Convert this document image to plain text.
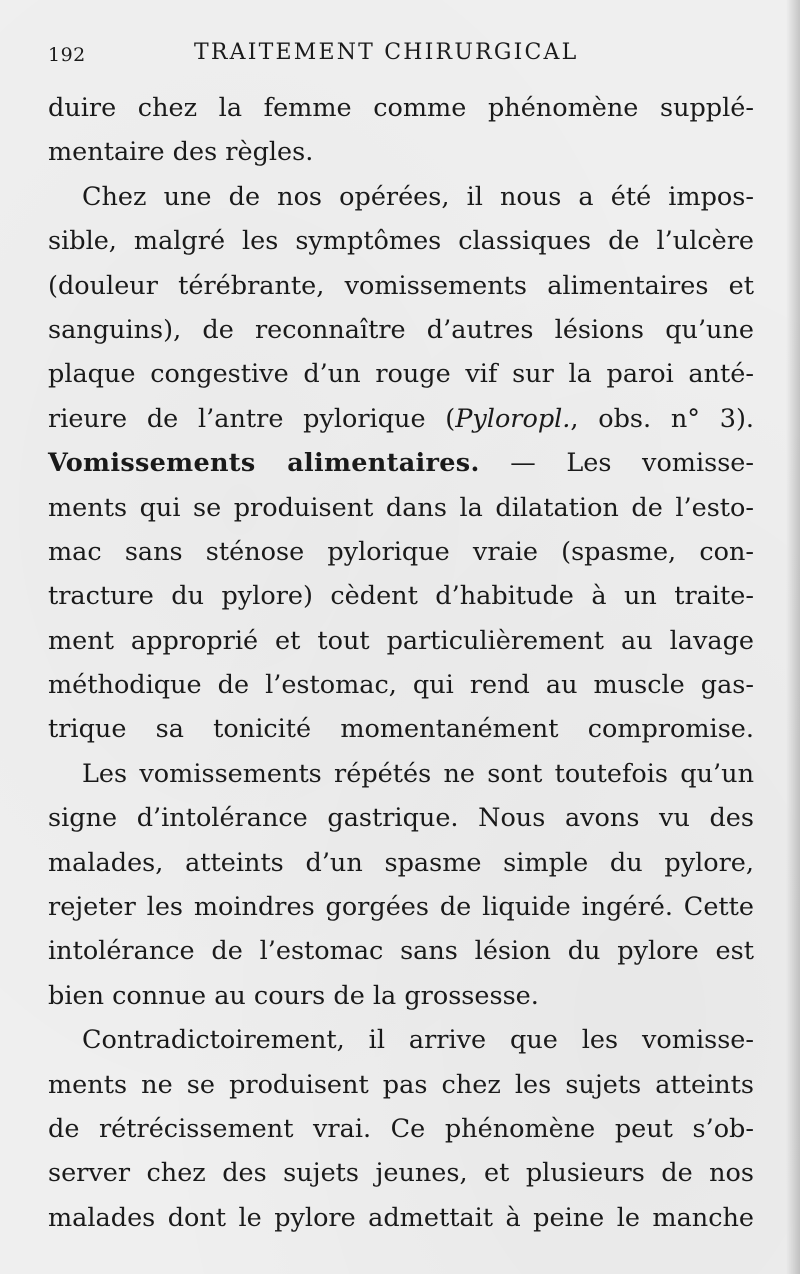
192	TRAITEMENT CHIRURGICAL
duire chez la femme comme phénomène supplé-
mentaire des règles.
Chez une de nos opérées, il nous a été impos-
sible, malgré les symptômes classiques de l’ulcère
(douleur térébrante, vomissements alimentaires et
sanguins), de reconnaître d’autres lésions qu’une
plaque congestive d’un rouge vif sur la paroi anté-
rieure de l’antre pylorique (Pyloropl., obs. n° 3).
Vomissements alimentaires. — Les vomisse-
ments qui se produisent dans la dilatation de l’esto-
mac sans sténose pylorique vraie (spasme, con-
tracture du pylore) cèdent d’habitude à un traite-
ment approprié et tout particulièrement au lavage
méthodique de l’estomac, qui rend au muscle gas-
trique sa tonicité momentanément compromise.
Les vomissements répétés ne sont toutefois qu’un
signe d’intolérance gastrique. Nous avons vu des
malades, atteints d’un spasme simple du pylore,
rejeter les moindres gorgées de liquide ingéré. Cette
intolérance de l’estomac sans lésion du pylore est
bien connue au cours de la grossesse.
Contradictoirement, il arrive que les vomisse-
ments ne se produisent pas chez les sujets atteints
de rétrécissement vrai. Ce phénomène peut s’ob-
server chez des sujets jeunes, et plusieurs de nos
malades dont le pylore admettait à peine le manche
